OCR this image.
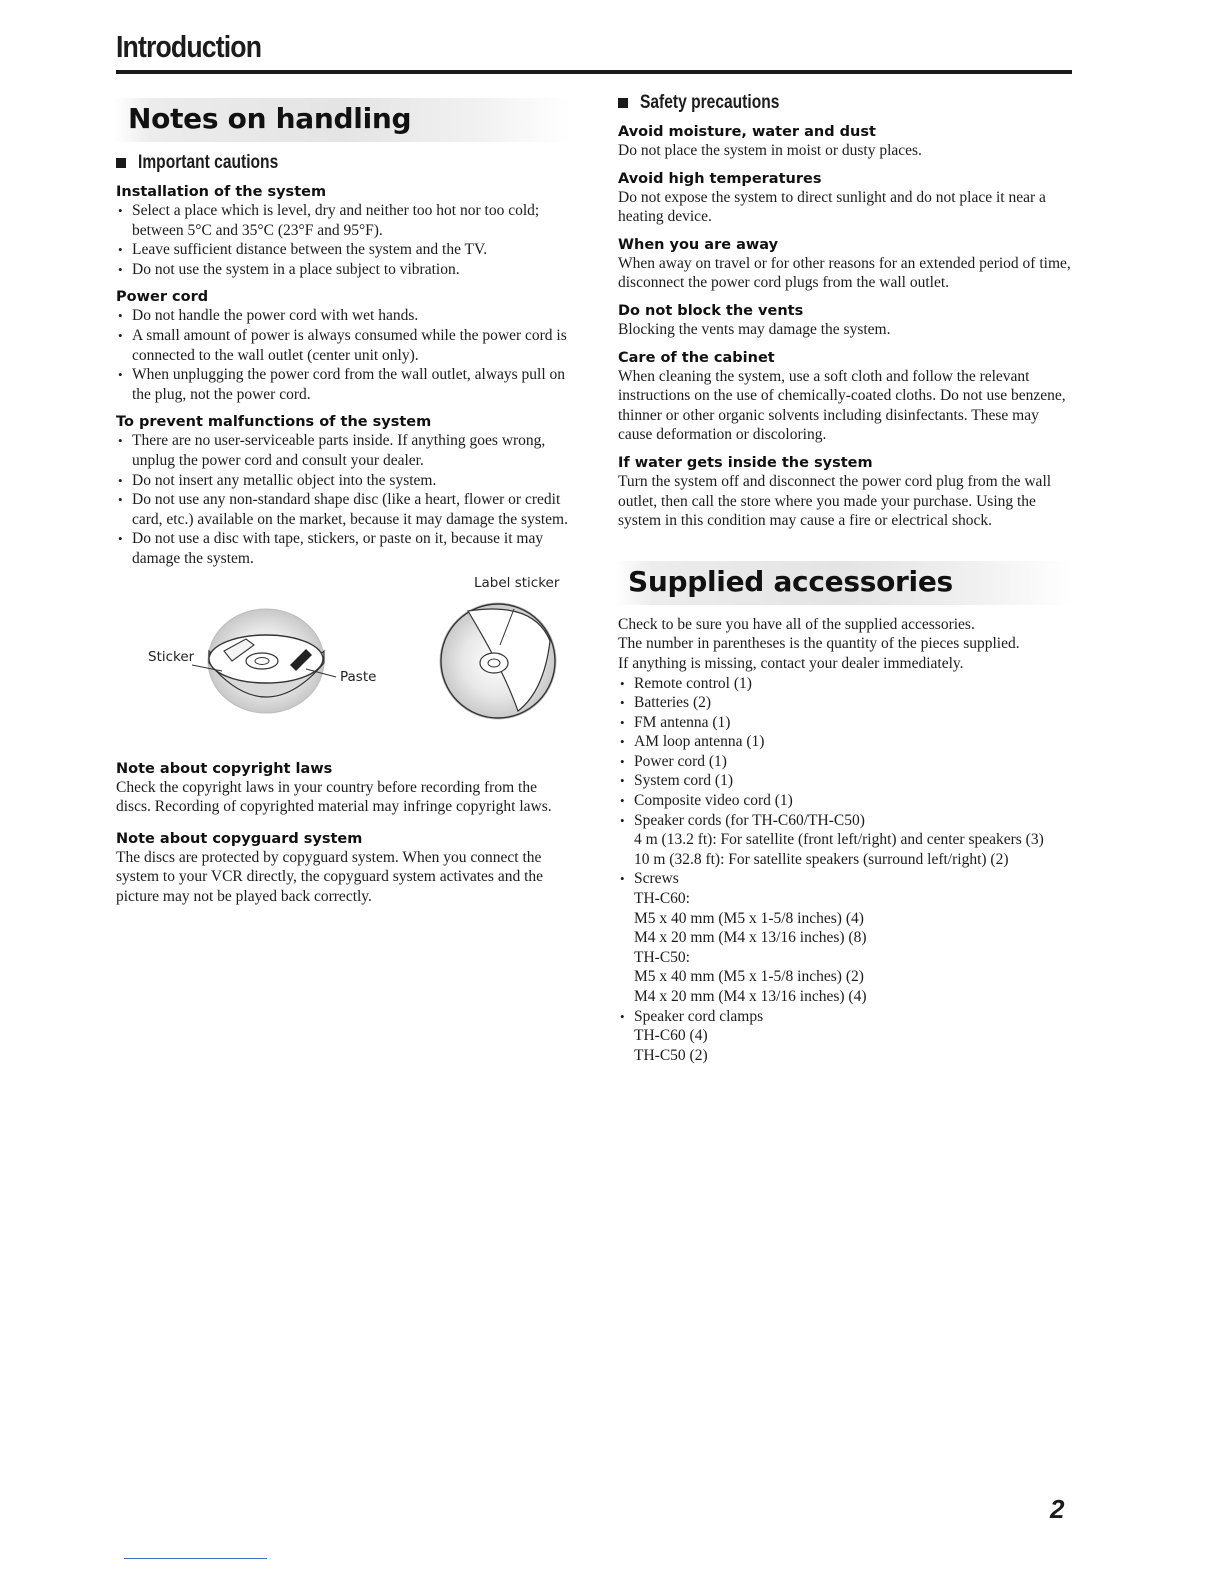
Introduction
Notes on handling
Important cautions
Installation of the system
• Select a place which is level, dry and neither too hot nor too cold; between 5°C and 35°C (23°F and 95°F).
• Leave sufficient distance between the system and the TV.
• Do not use the system in a place subject to vibration.
Power cord
• Do not handle the power cord with wet hands.
• A small amount of power is always consumed while the power cord is connected to the wall outlet (center unit only).
• When unplugging the power cord from the wall outlet, always pull on the plug, not the power cord.
To prevent malfunctions of the system
• There are no user-serviceable parts inside. If anything goes wrong, unplug the power cord and consult your dealer.
• Do not insert any metallic object into the system.
• Do not use any non-standard shape disc (like a heart, flower or credit card, etc.) available on the market, because it may damage the system.
• Do not use a disc with tape, stickers, or paste on it, because it may damage the system.
Label sticker
Sticker
Paste
Note about copyright laws

Check the copyright laws in your country before recording from the discs. Recording of copyrighted material may infringe copyright laws.

Note about copyguard system

The discs are protected by copyguard system. When you connect the system to your VCR directly, the copyguard system activates and the picture may not be played back correctly.

Safety precautions
Avoid moisture, water and dust

Do not place the system in moist or dusty places.

Avoid high temperatures

Do not expose the system to direct sunlight and do not place it near a heating device.

When you are away

When away on travel or for other reasons for an extended period of time, disconnect the power cord plugs from the wall outlet.

Do not block the vents

Blocking the vents may damage the system.

Care of the cabinet

When cleaning the system, use a soft cloth and follow the relevant instructions on the use of chemically-coated cloths. Do not use benzene, thinner or other organic solvents including disinfectants. These may cause deformation or discoloring.

If water gets inside the system

Turn the system off and disconnect the power cord plug from the wall outlet, then call the store where you made your purchase. Using the system in this condition may cause a fire or electrical shock.

Supplied accessories

Check to be sure you have all of the supplied accessories.

The number in parentheses is the quantity of the pieces supplied.

If anything is missing, contact your dealer immediately.

• Remote control (1)
• Batteries (2)
• FM antenna (1)
• AM loop antenna (1)
• Power cord (1)
• System cord (1)
• Composite video cord (1)
• Speaker cords (for TH-C60/TH-C50)
4 m (13.2 ft): For satellite (front left/right) and center speakers (3)
10 m (32.8 ft): For satellite speakers (surround left/right) (2)
• Screws
TH-C60:
M5 x 40 mm (M5 x 1-5/8 inches) (4)
M4 x 20 mm (M4 x 13/16 inches) (8)
TH-C50:
M5 x 40 mm (M5 x 1-5/8 inches) (2)
M4 x 20 mm (M4 x 13/16 inches) (4)
• Speaker cord clamps
TH-C60 (4)
TH-C50 (2)
2
